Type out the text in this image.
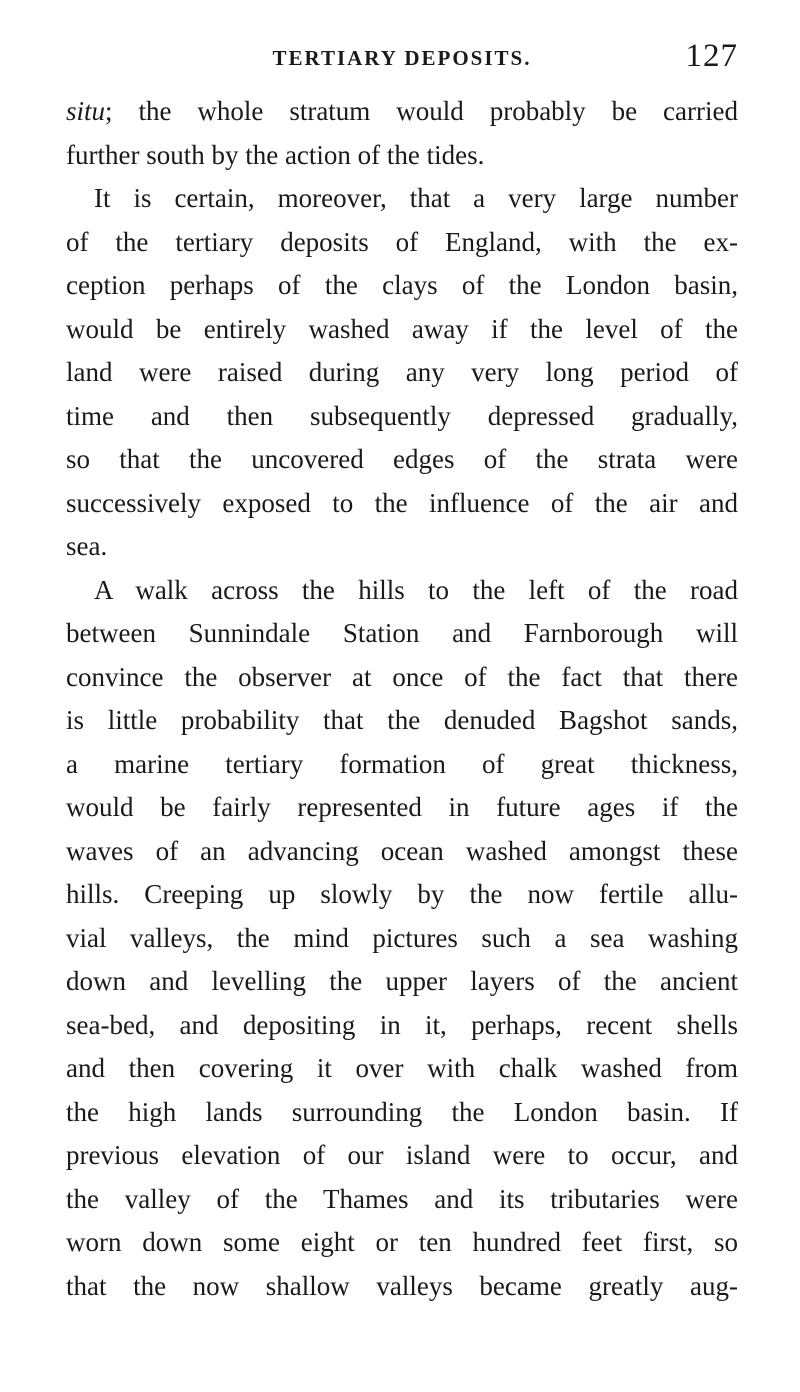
TERTIARY DEPOSITS.	127
situ; the whole stratum would probably be carried
further south by the action of the tides.
It is certain, moreover, that a very large number
of the tertiary deposits of England, with the ex-
ception perhaps of the clays of the London basin,
would be entirely washed away if the level of the
land were raised during any very long period of
time and then subsequently depressed gradually,
so that the uncovered edges of the strata were
successively exposed to the influence of the air and
sea.
A walk across the hills to the left of the road
between Sunnindale Station and Farnborough will
convince the observer at once of the fact that there
is little probability that the denuded Bagshot sands,
a marine tertiary formation of great thickness,
would be fairly represented in future ages if the
waves of an advancing ocean washed amongst these
hills. Creeping up slowly by the now fertile allu-
vial valleys, the mind pictures such a sea washing
down and levelling the upper layers of the ancient
sea-bed, and depositing in it, perhaps, recent shells
and then covering it over with chalk washed from
the high lands surrounding the London basin. If
previous elevation of our island were to occur, and
the valley of the Thames and its tributaries were
worn down some eight or ten hundred feet first, so
that the now shallow valleys became greatly aug-
